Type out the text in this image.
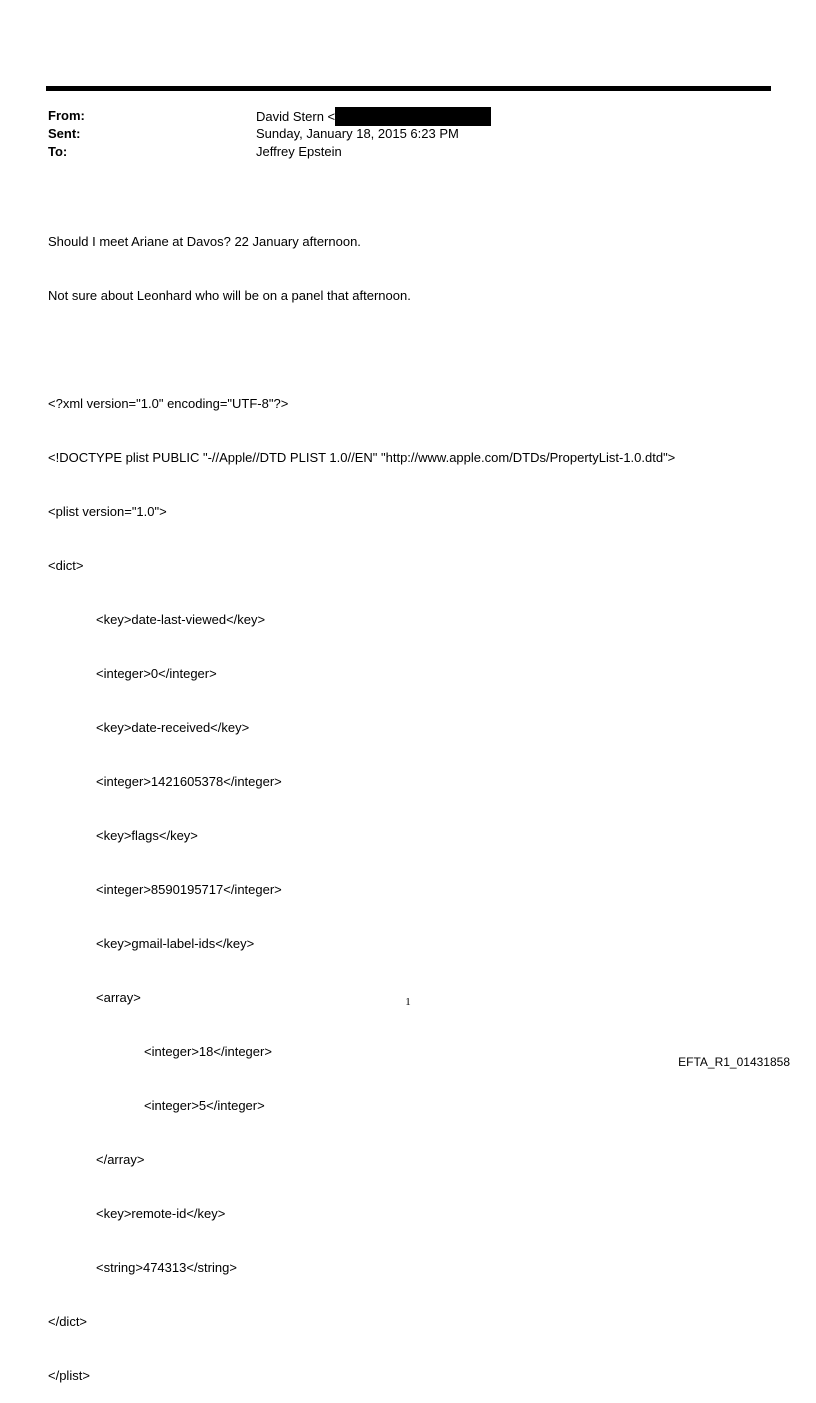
From:	David Stern <
Sent:	Sunday, January 18, 2015 6:23 PM
To:	Jeffrey Epstein

Should I meet Ariane at Davos? 22 January afternoon.

Not sure about Leonhard who will be on a panel that afternoon.

<?xml version="1.0" encoding="UTF-8"?>

<!DOCTYPE plist PUBLIC "-//Apple//DTD PLIST 1.0//EN" "http://www.apple.com/DTDs/PropertyList-1.0.dtd">

<plist version="1.0">

<dict>

<key>date-last-viewed</key>

<integer>0</integer>

<key>date-received</key>

<integer>1421605378</integer>

<key>flags</key>

<integer>8590195717</integer>

<key>gmail-label-ids</key>

<array>

<integer>18</integer>

<integer>5</integer>

</array>

<key>remote-id</key>

<string>474313</string>

</dict>

</plist>

1
EFTA_R1_01431858
